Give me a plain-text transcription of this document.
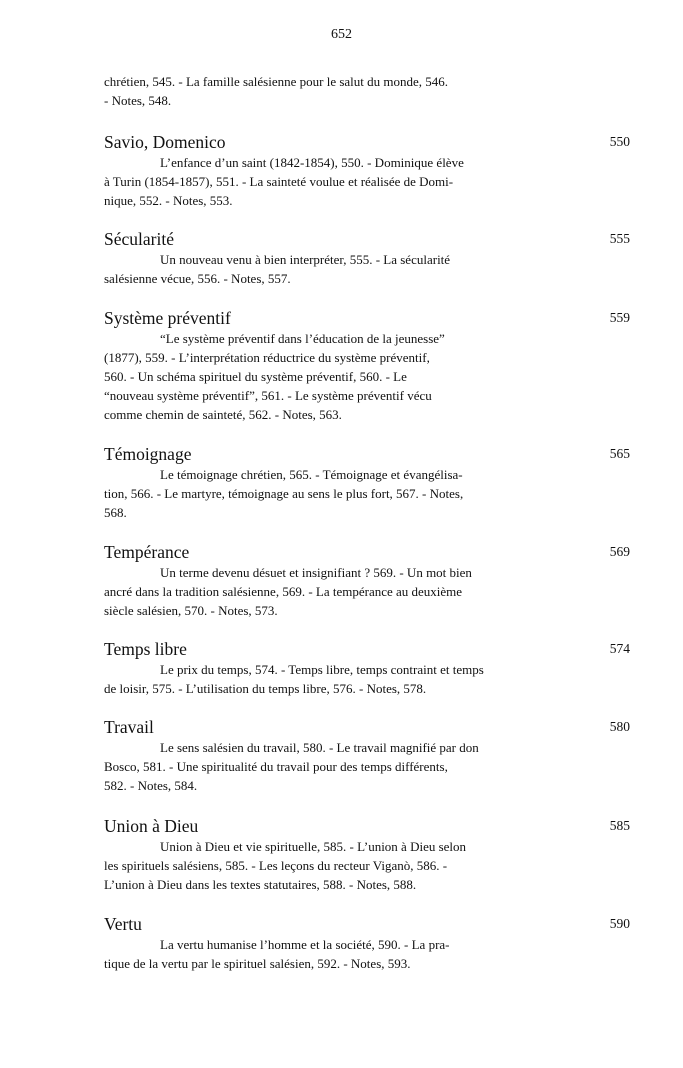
652
chrétien, 545. - La famille salésienne pour le salut du monde, 546.
- Notes, 548.
Savio, Domenico	550
L’enfance d’un saint (1842-1854), 550. - Dominique élève
à Turin (1854-1857), 551. - La sainteté voulue et réalisée de Domi-
nique, 552. - Notes, 553.
Sécularité	555
Un nouveau venu à bien interpréter, 555. - La sécularité
salésienne vécue, 556. - Notes, 557.
Système préventif	559
“Le système préventif dans l’éducation de la jeunesse”
(1877), 559. - L’interprétation réductrice du système préventif,
560. - Un schéma spirituel du système préventif, 560. - Le
“nouveau système préventif”, 561. - Le système préventif vécu
comme chemin de sainteté, 562. - Notes, 563.
Témoignage	565
Le témoignage chrétien, 565. - Témoignage et évangélisa-
tion, 566. - Le martyre, témoignage au sens le plus fort, 567. - Notes,
568.
Tempérance	569
Un terme devenu désuet et insignifiant ? 569. - Un mot bien
ancré dans la tradition salésienne, 569. - La tempérance au deuxième
siècle salésien, 570. - Notes, 573.
Temps libre	574
Le prix du temps, 574. - Temps libre, temps contraint et temps
de loisir, 575. - L’utilisation du temps libre, 576. - Notes, 578.
Travail	580
Le sens salésien du travail, 580. - Le travail magnifié par don
Bosco, 581. - Une spiritualité du travail pour des temps différents,
582. - Notes, 584.
Union à Dieu	585
Union à Dieu et vie spirituelle, 585. - L’union à Dieu selon
les spirituels salésiens, 585. - Les leçons du recteur Viganò, 586. -
L’union à Dieu dans les textes statutaires, 588. - Notes, 588.
Vertu	590
La vertu humanise l’homme et la société, 590. - La pra-
tique de la vertu par le spirituel salésien, 592. - Notes, 593.
